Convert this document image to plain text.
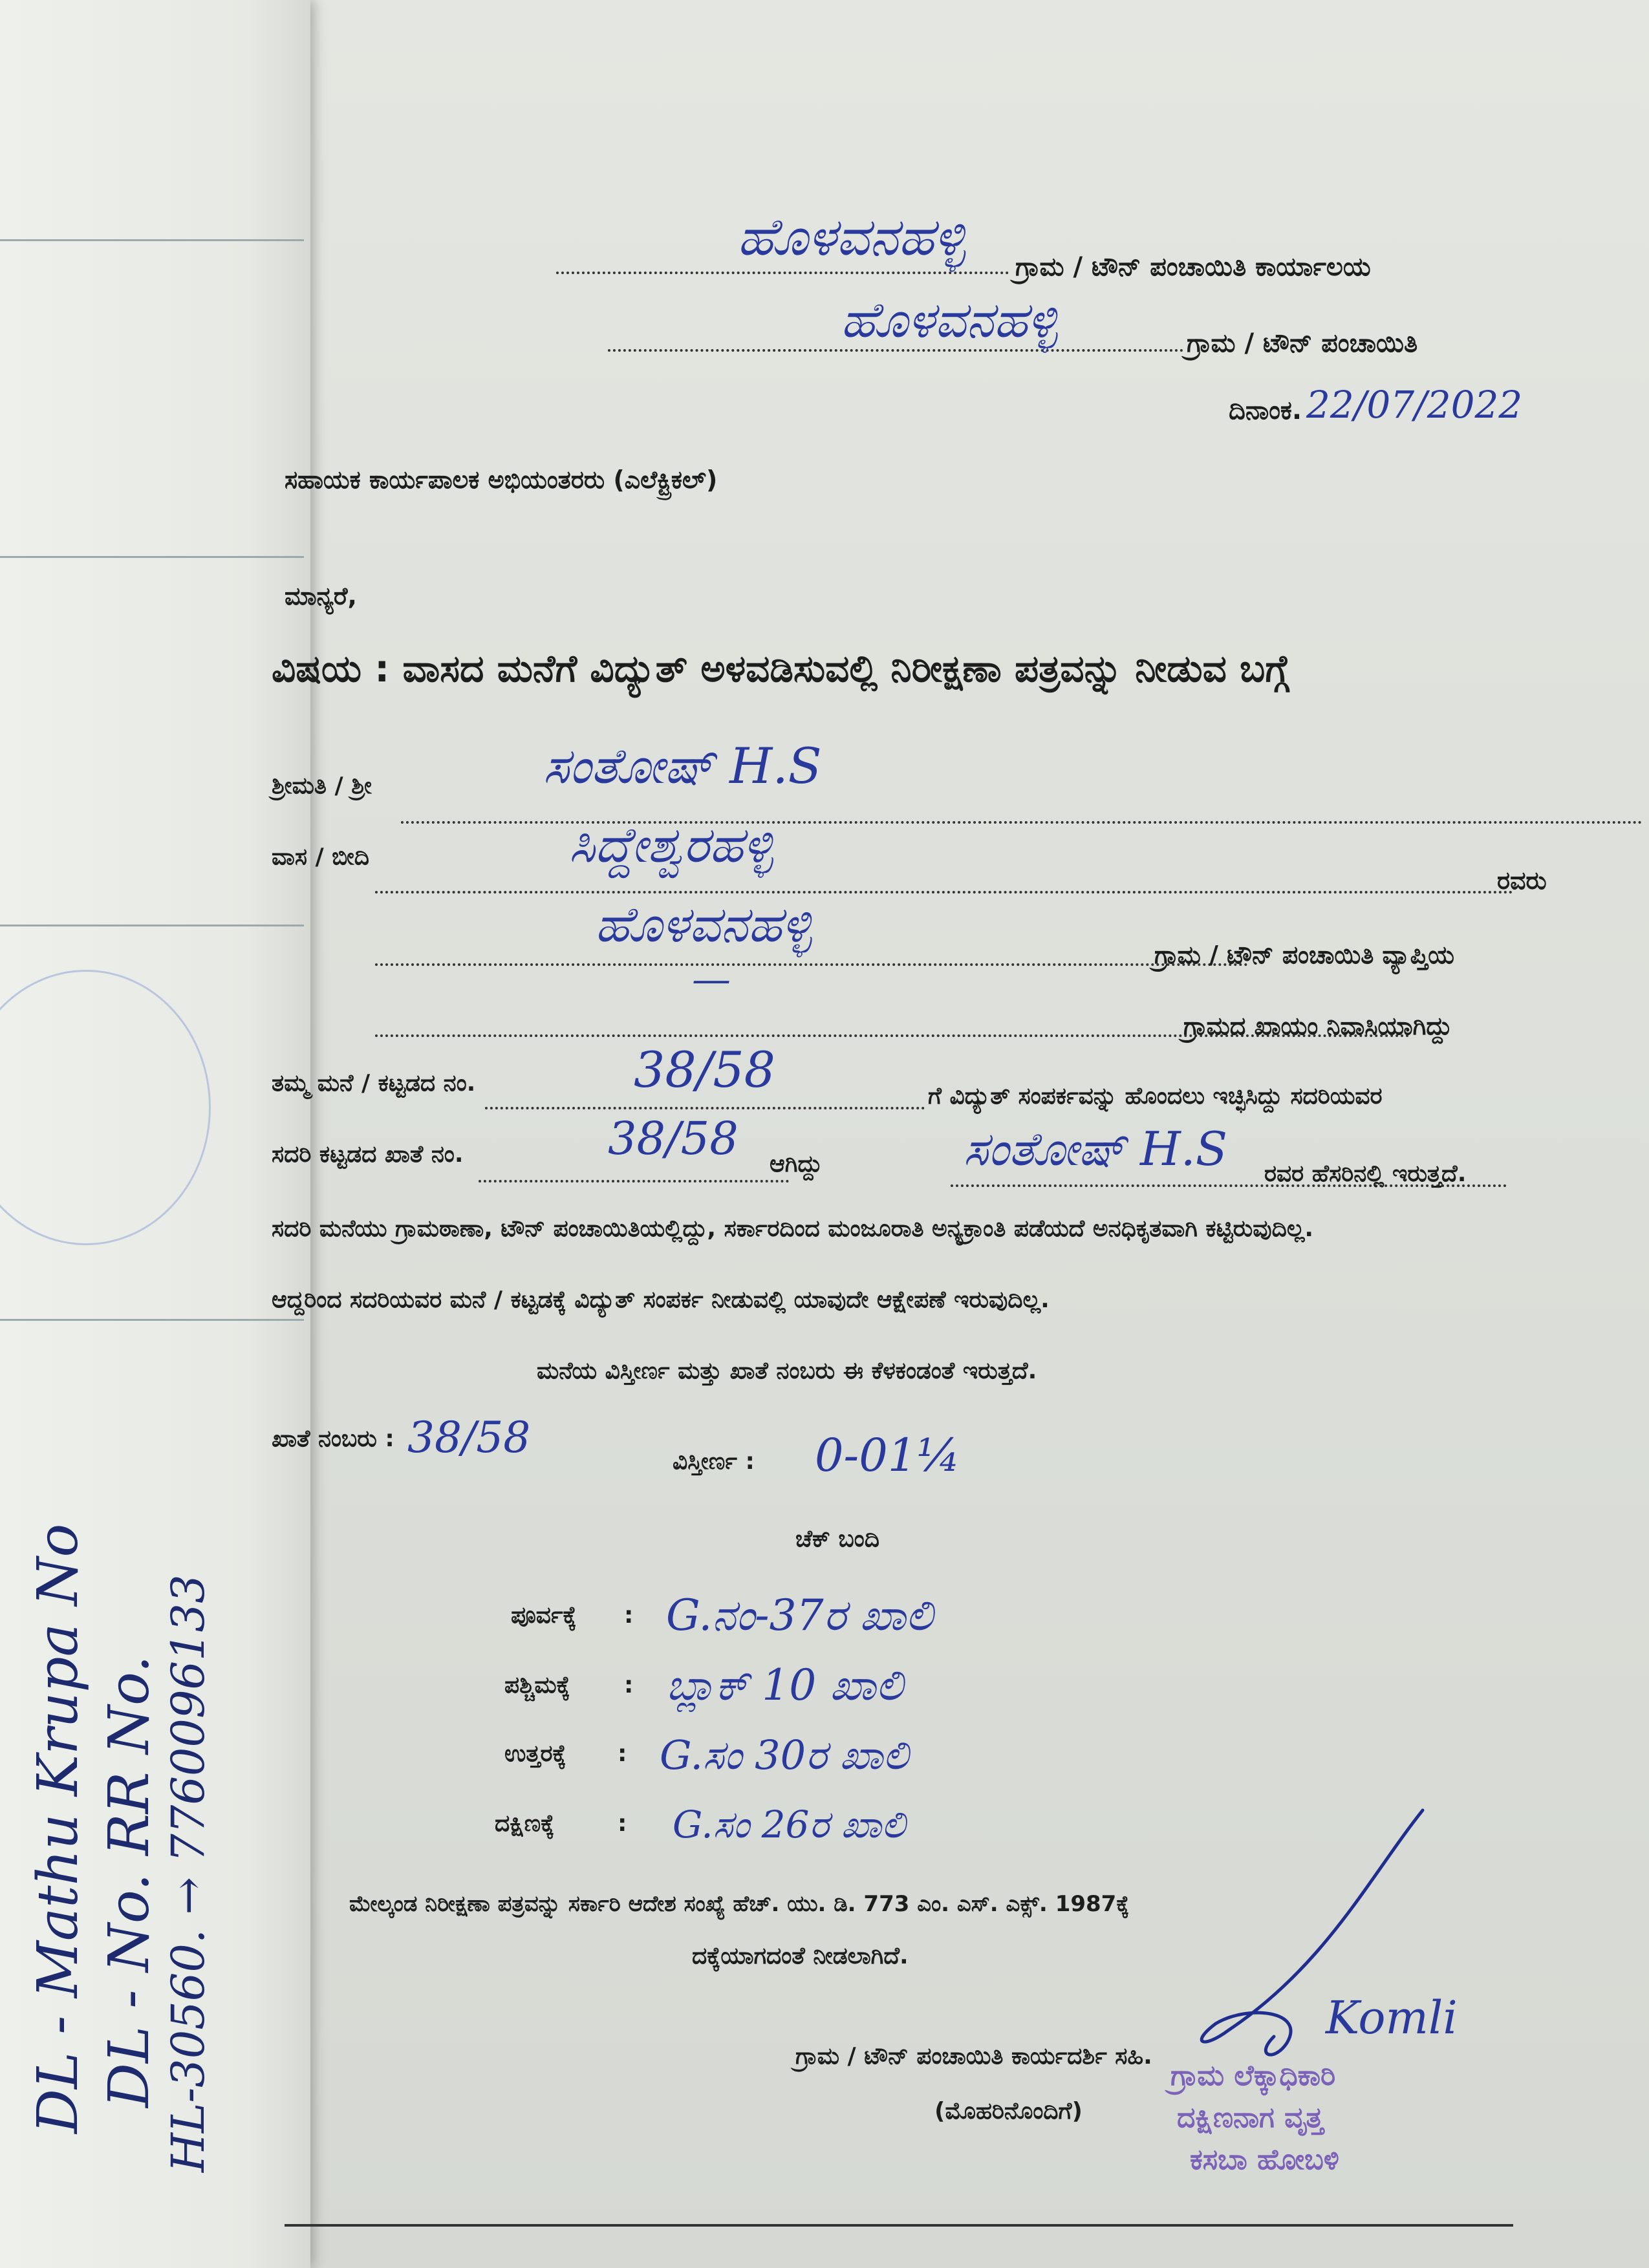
DL - Mathu Krupa No DL - No. RR No. HL-30560. → 7760096133
ಹೊಳವನಹಳ್ಳಿ ಗ್ರಾಮ / ಟೌನ್ ಪಂಚಾಯಿತಿ ಕಾರ್ಯಾಲಯ
ಹೊಳವನಹಳ್ಳಿ	ಗ್ರಾಮ / ಟೌನ್ ಪಂಚಾಯಿತಿ
ದಿನಾಂಕ. 22/07/2022
ಸಹಾಯಕ ಕಾರ್ಯಪಾಲಕ ಅಭಿಯಂತರರು (ಎಲೆಕ್ಟ್ರಿಕಲ್)
ಮಾನ್ಯರೆ,
ವಿಷಯ : ವಾಸದ ಮನೆಗೆ ವಿದ್ಯುತ್ ಅಳವಡಿಸುವಲ್ಲಿ ನಿರೀಕ್ಷಣಾ ಪತ್ರವನ್ನು ನೀಡುವ ಬಗ್ಗೆ
ಶ್ರೀಮತಿ / ಶ್ರೀ	ಸಂತೋಷ್ H.S
ವಾಸ / ಬೀದಿ	ಸಿದ್ದೇಶ್ವರಹಳ್ಳಿ
ರವರು
ಹೊಳವನಹಳ್ಳಿ
ಗ್ರಾಮ / ಟೌನ್ ಪಂಚಾಯಿತಿ ವ್ಯಾಪ್ತಿಯ
—
ಗ್ರಾಮದ ಖಾಯಂ ನಿವಾಸಿಯಾಗಿದ್ದು
ತಮ್ಮ ಮನೆ / ಕಟ್ಟಡದ ನಂ.	38/58	ಗೆ ವಿದ್ಯುತ್ ಸಂಪರ್ಕವನ್ನು ಹೊಂದಲು ಇಚ್ಛಿಸಿದ್ದು ಸದರಿಯವರ
ಸದರಿ ಕಟ್ಟಡದ ಖಾತೆ ನಂ.	38/58 ಆಗಿದ್ದು	ಸಂತೋಷ್ H.S ರವರ ಹೆಸರಿನಲ್ಲಿ ಇರುತ್ತದೆ.
ಸದರಿ ಮನೆಯು ಗ್ರಾಮಠಾಣಾ, ಟೌನ್ ಪಂಚಾಯಿತಿಯಲ್ಲಿದ್ದು, ಸರ್ಕಾರದಿಂದ ಮಂಜೂರಾತಿ ಅನ್ಯಕ್ರಾಂತಿ ಪಡೆಯದೆ ಅನಧಿಕೃತವಾಗಿ ಕಟ್ಟಿರುವುದಿಲ್ಲ.
ಆದ್ದರಿಂದ ಸದರಿಯವರ ಮನೆ / ಕಟ್ಟಡಕ್ಕೆ ವಿದ್ಯುತ್ ಸಂಪರ್ಕ ನೀಡುವಲ್ಲಿ ಯಾವುದೇ ಆಕ್ಷೇಪಣೆ ಇರುವುದಿಲ್ಲ.
ಮನೆಯ ವಿಸ್ತೀರ್ಣ ಮತ್ತು ಖಾತೆ ನಂಬರು ಈ ಕೆಳಕಂಡಂತೆ ಇರುತ್ತದೆ.
ಖಾತೆ ನಂಬರು : 38/58	ವಿಸ್ತೀರ್ಣ : 0-01¼
ಚೆಕ್ ಬಂದಿ
ಪೂರ್ವಕ್ಕೆ : G.ನಂ-37ರ ಖಾಲಿ
ಪಶ್ಚಿಮಕ್ಕೆ : ಬ್ಲಾಕ್ 10 ಖಾಲಿ
ಉತ್ತರಕ್ಕೆ : G.ಸಂ 30ರ ಖಾಲಿ
ದಕ್ಷಿಣಕ್ಕೆ	: G.ಸಂ 26ರ ಖಾಲಿ
ಮೇಲ್ಕಂಡ ನಿರೀಕ್ಷಣಾ ಪತ್ರವನ್ನು ಸರ್ಕಾರಿ ಆದೇಶ ಸಂಖ್ಯೆ ಹೆಚ್. ಯು. ಡಿ. 773 ಎಂ. ಎಸ್. ಎಕ್ಸ್. 1987ಕ್ಕೆ
ದಕ್ಕೆಯಾಗದಂತೆ ನೀಡಲಾಗಿದೆ.
ಗ್ರಾಮ / ಟೌನ್ ಪಂಚಾಯಿತಿ ಕಾರ್ಯದರ್ಶಿ ಸಹಿ.
(ಮೊಹರಿನೊಂದಿಗೆ)
Komli
ಗ್ರಾಮ ಲೆಕ್ಕಾಧಿಕಾರಿ
ದಕ್ಷಿಣನಾಗ ವೃತ್ತ
ಕಸಬಾ ಹೋಬಳಿ
